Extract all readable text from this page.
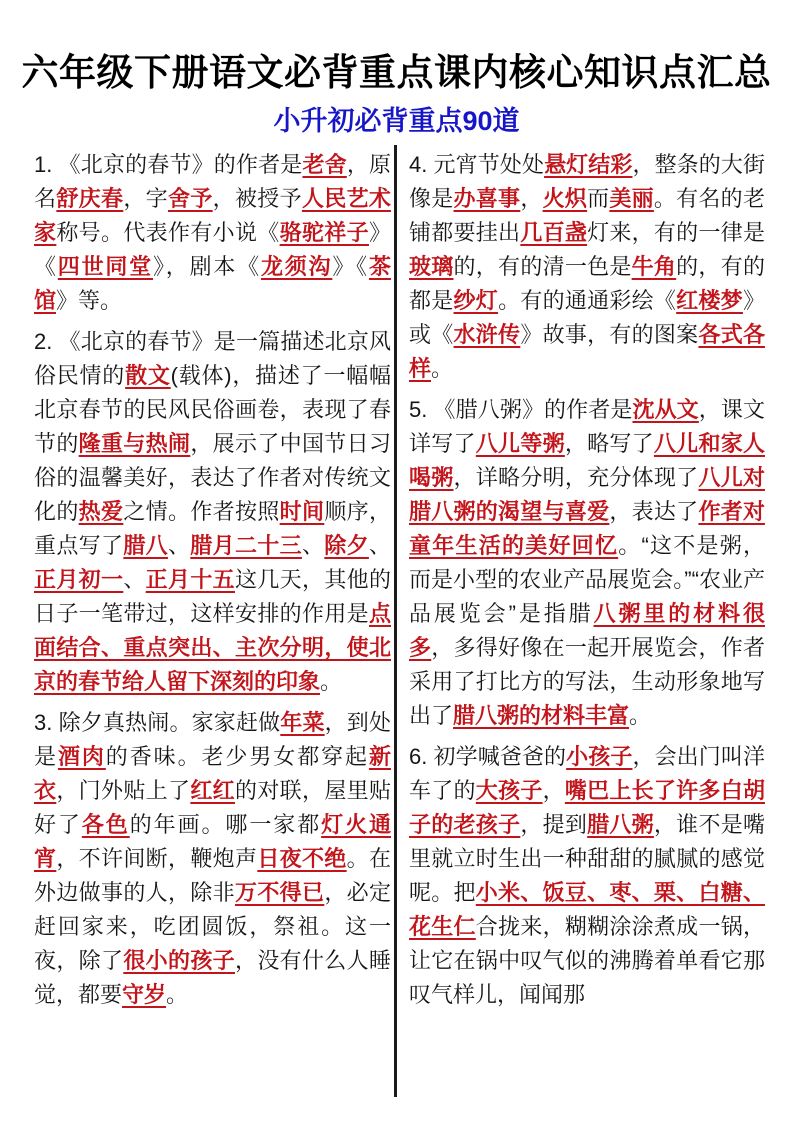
六年级下册语文必背重点课内核心知识点汇总
小升初必背重点90道

1. 《北京的春节》的作者是老舍，原名舒庆春，字舍予，被授予人民艺术家称号。代表作有小说《骆驼祥子》《四世同堂》，剧本《龙须沟》《茶馆》等。

2. 《北京的春节》是一篇描述北京风俗民情的散文(载体)，描述了一幅幅北京春节的民风民俗画卷，表现了春节的隆重与热闹，展示了中国节日习俗的温馨美好，表达了作者对传统文化的热爱之情。作者按照时间顺序，重点写了腊八、腊月二十三、除夕、正月初一、正月十五这几天，其他的日子一笔带过，这样安排的作用是点面结合、重点突出、主次分明，使北京的春节给人留下深刻的印象。

3. 除夕真热闹。家家赶做年菜，到处是酒肉的香味。老少男女都穿起新衣，门外贴上了红红的对联，屋里贴好了各色的年画。哪一家都灯火通宵，不许间断，鞭炮声日夜不绝。在外边做事的人，除非万不得已，必定赶回家来，吃团圆饭，祭祖。这一夜，除了很小的孩子，没有什么人睡觉，都要守岁。

4. 元宵节处处悬灯结彩，整条的大街像是办喜事，火炽而美丽。有名的老铺都要挂出几百盏灯来，有的一律是玻璃的，有的清一色是牛角的，有的都是纱灯。有的通通彩绘《红楼梦》或《水浒传》故事，有的图案各式各样。

5. 《腊八粥》的作者是沈从文，课文详写了八儿等粥，略写了八儿和家人喝粥，详略分明，充分体现了八儿对腊八粥的渴望与喜爱，表达了作者对童年生活的美好回忆。“这不是粥，而是小型的农业产品展览会。”“农业产品展览会”是指腊八粥里的材料很多，多得好像在一起开展览会，作者采用了打比方的写法，生动形象地写出了腊八粥的材料丰富。

6. 初学喊爸爸的小孩子，会出门叫洋车了的大孩子，嘴巴上长了许多白胡子的老孩子，提到腊八粥，谁不是嘴里就立时生出一种甜甜的腻腻的感觉呢。把小米、饭豆、枣、栗、白糖、花生仁合拢来，糊糊涂涂煮成一锅，让它在锅中叹气似的沸腾着单看它那叹气样儿，闻闻那
